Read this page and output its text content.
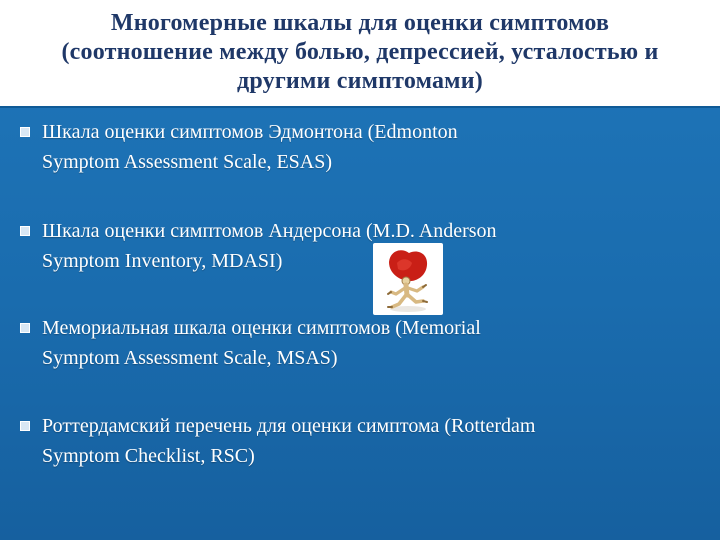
Многомерные шкалы для оценки симптомов
(соотношение между болью, депрессией, усталостью и
другими симптомами)
Шкала оценки симптомов Эдмонтона (Edmonton
Symptom Assessment Scale, ESAS)
Шкала оценки симптомов Андерсона (M.D. Anderson
Symptom Inventory, MDASI)
Мемориальная шкала оценки симптомов (Memorial
Symptom Assessment Scale, MSAS)
Роттердамский перечень для оценки симптома (Rotterdam
Symptom Checklist, RSC)
